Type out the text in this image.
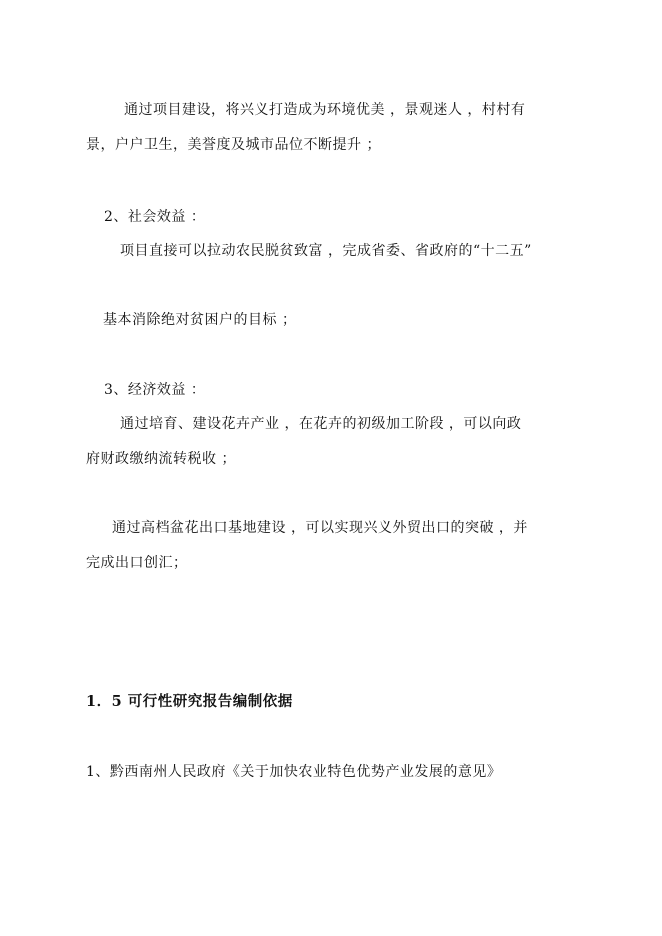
通过项目建设，将兴义打造成为环境优美 ，景观迷人 ，村村有

景，户户卫生，美誉度及城市品位不断提升 ；

2、社会效益 ：

项目直接可以拉动农民脱贫致富 ，完成省委、省政府的“十二五”

基本消除绝对贫困户的目标 ；

3、经济效益 ：

通过培育、建设花卉产业 ，在花卉的初级加工阶段 ，可以向政

府财政缴纳流转税收 ；

通过高档盆花出口基地建设 ，可以实现兴义外贸出口的突破 ，并

完成出口创汇；

1．5 可行性研究报告编制依据

1、黔西南州人民政府《关于加快农业特色优势产业发展的意见》
